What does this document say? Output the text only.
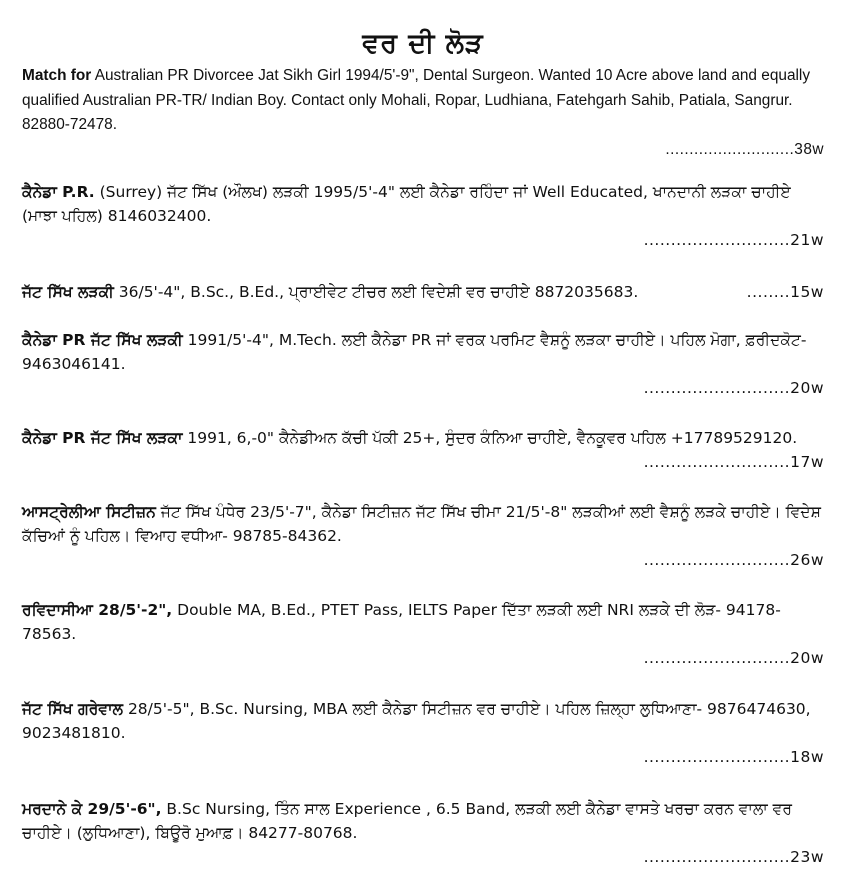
ਵਰ ਦੀ ਲੋੜ
Match for Australian PR Divorcee Jat Sikh Girl 1994/5'-9", Dental Surgeon. Wanted 10 Acre above land and equally qualified Australian PR-TR/ Indian Boy. Contact only Mohali, Ropar, Ludhiana, Fatehgarh Sahib, Patiala, Sangrur. 82880-72478.
...........................38w
ਕੈਨੇਡਾ P.R. (Surrey) ਜੱਟ ਸਿੱਖ (ਔਲਖ) ਲੜਕੀ 1995/5'-4" ਲਈ ਕੈਨੇਡਾ ਰਹਿੰਦਾ ਜਾਂ Well Educated, ਖਾਨਦਾਨੀ ਲੜਕਾ ਚਾਹੀਏ (ਮਾਝਾ ਪਹਿਲ) 8146032400.
...........................21w
ਜੱਟ ਸਿੱਖ ਲੜਕੀ 36/5'-4", B.Sc., B.Ed., ਪ੍ਰਾਈਵੇਟ ਟੀਚਰ ਲਈ ਵਿਦੇਸ਼ੀ ਵਰ ਚਾਹੀਏ 8872035683.	........15w
ਕੈਨੇਡਾ PR ਜੱਟ ਸਿੱਖ ਲੜਕੀ 1991/5'-4", M.Tech. ਲਈ ਕੈਨੇਡਾ PR ਜਾਂ ਵਰਕ ਪਰਮਿਟ ਵੈਸ਼ਨੂੰ ਲੜਕਾ ਚਾਹੀਏ। ਪਹਿਲ ਮੋਗਾ, ਫ਼ਰੀਦਕੋਟ- 9463046141.
...........................20w
ਕੈਨੇਡਾ PR ਜੱਟ ਸਿੱਖ ਲੜਕਾ 1991, 6,-0" ਕੈਨੇਡੀਅਨ ਕੱਚੀ ਪੱਕੀ 25+, ਸੁੰਦਰ ਕੰਨਿਆ ਚਾਹੀਏ, ਵੈਨਕੂਵਰ ਪਹਿਲ +17789529120.
...........................17w
ਆਸਟ੍ਰੇਲੀਆ ਸਿਟੀਜ਼ਨ ਜੱਟ ਸਿੱਖ ਪੰਧੇਰ 23/5'-7", ਕੈਨੇਡਾ ਸਿਟੀਜ਼ਨ ਜੱਟ ਸਿੱਖ ਚੀਮਾ 21/5'-8" ਲੜਕੀਆਂ ਲਈ ਵੈਸ਼ਨੂੰ ਲੜਕੇ ਚਾਹੀਏ। ਵਿਦੇਸ਼ ਕੱਚਿਆਂ ਨੂੰ ਪਹਿਲ। ਵਿਆਹ ਵਧੀਆ- 98785-84362.
...........................26w
ਰਵਿਦਾਸੀਆ 28/5'-2", Double MA, B.Ed., PTET Pass, IELTS Paper ਦਿੱਤਾ ਲੜਕੀ ਲਈ NRI ਲੜਕੇ ਦੀ ਲੋੜ- 94178-78563.
...........................20w
ਜੱਟ ਸਿੱਖ ਗਰੇਵਾਲ 28/5'-5", B.Sc. Nursing, MBA ਲਈ ਕੈਨੇਡਾ ਸਿਟੀਜ਼ਨ ਵਰ ਚਾਹੀਏ। ਪਹਿਲ ਜ਼ਿਲ੍ਹਾ ਲੁਧਿਆਣਾ- 9876474630, 9023481810.
...........................18w
ਮਰਦਾਨੇ ਕੇ 29/5'-6", B.Sc Nursing, ਤਿੰਨ ਸਾਲ Experience , 6.5 Band, ਲੜਕੀ ਲਈ ਕੈਨੇਡਾ ਵਾਸਤੇ ਖਰਚਾ ਕਰਨ ਵਾਲਾ ਵਰ ਚਾਹੀਏ। (ਲੁਧਿਆਣਾ), ਬਿਊਰੋ ਮੁਆਫ਼। 84277-80768.
...........................23w
